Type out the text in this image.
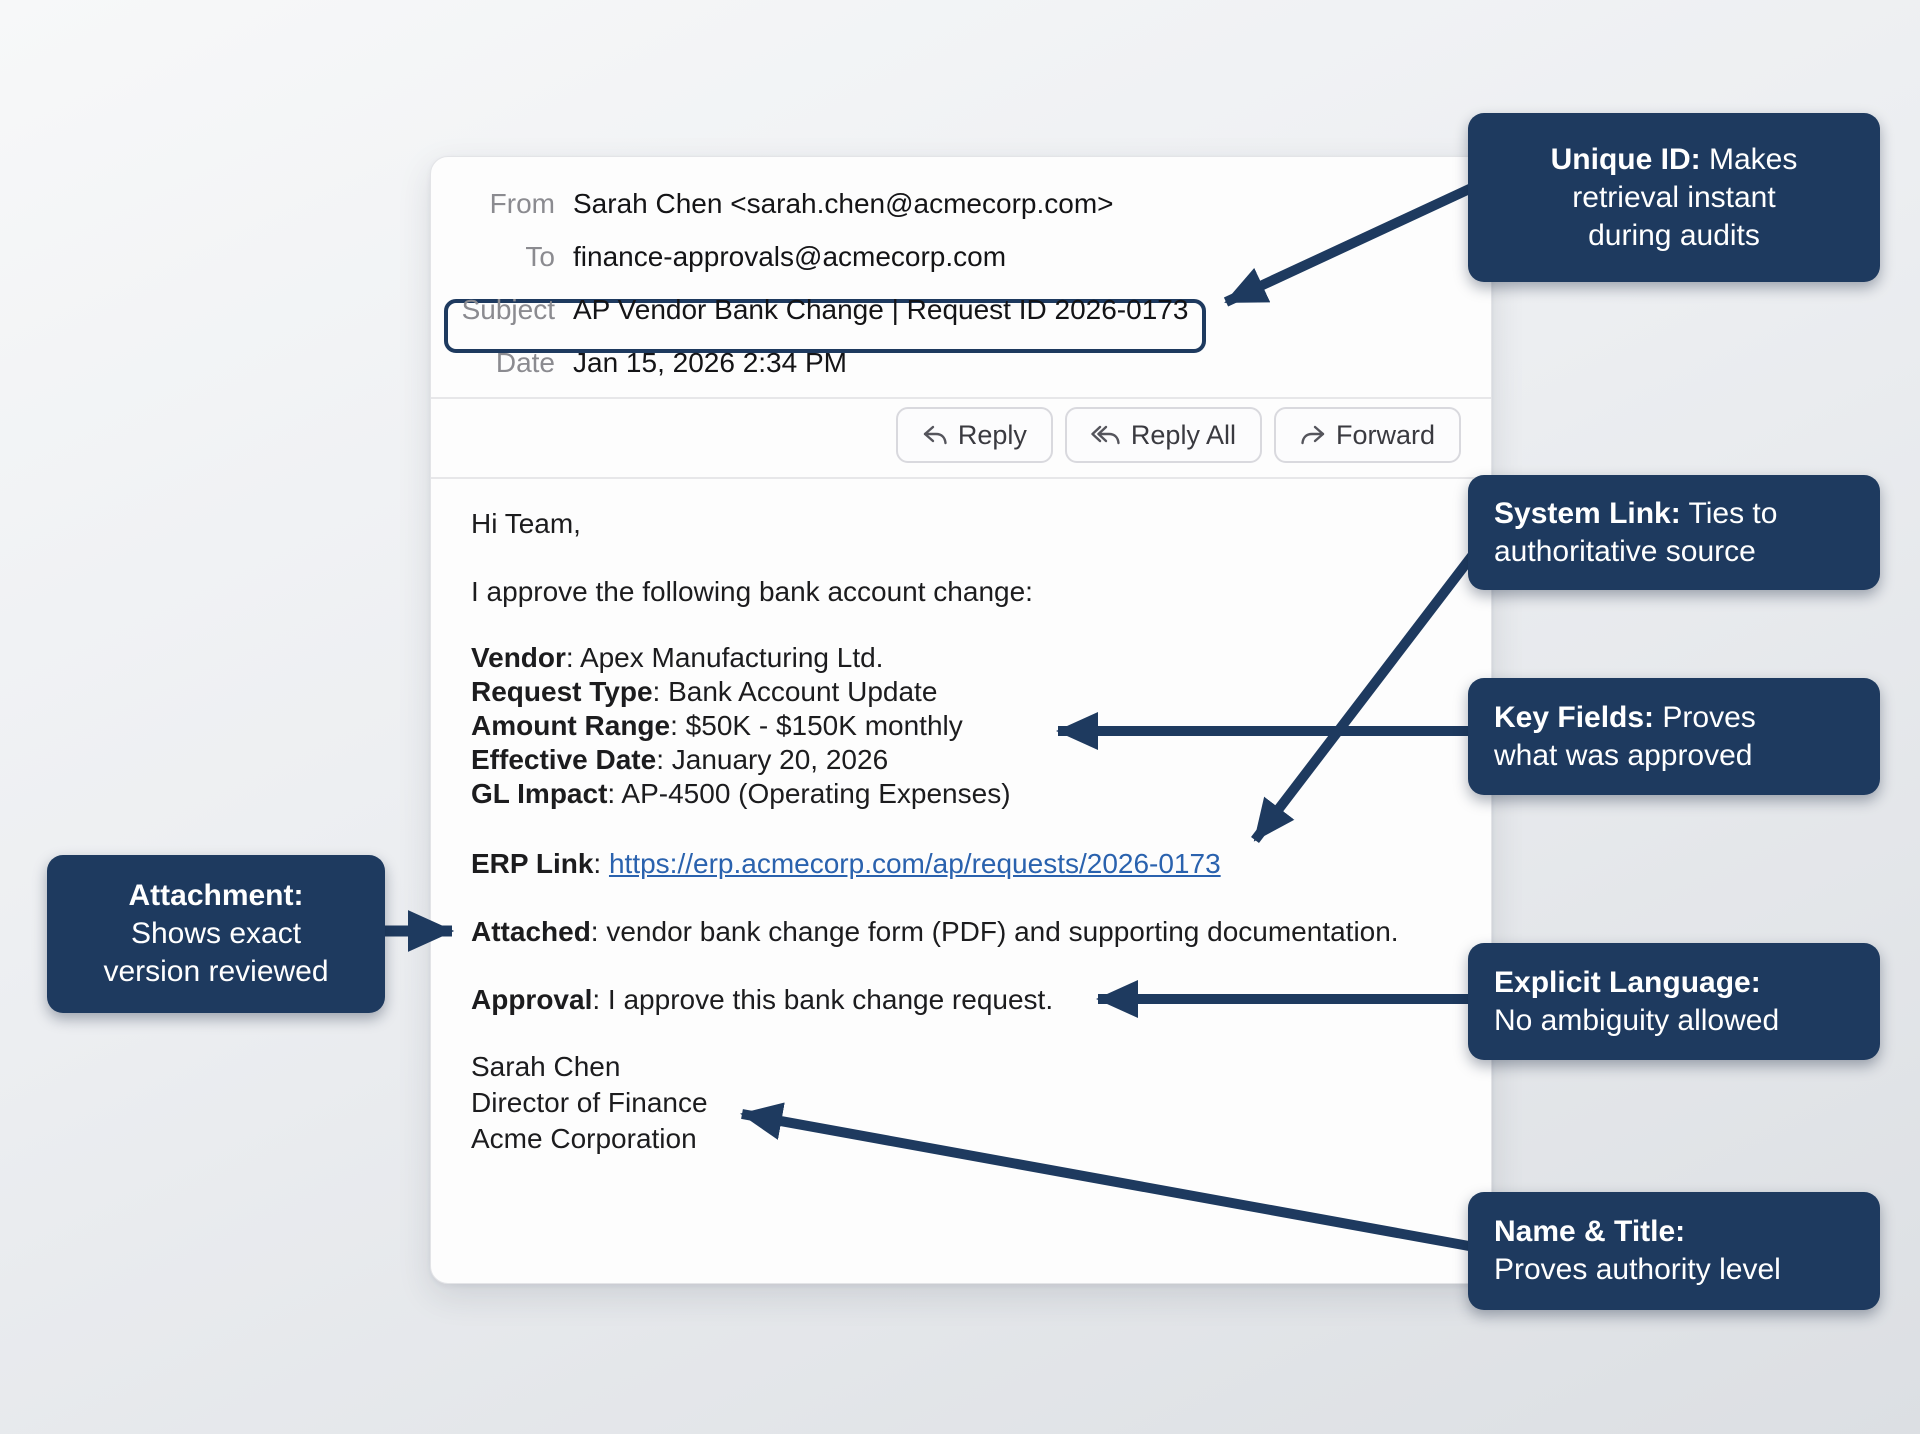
From Sarah Chen <sarah.chen@acmecorp.com>
To finance-approvals@acmecorp.com
Subject AP Vendor Bank Change | Request ID 2026-0173
Date Jan 15, 2026 2:34 PM
Reply	Reply All	Forward
Hi Team,
I approve the following bank account change:
Vendor: Apex Manufacturing Ltd.
Request Type: Bank Account Update
Amount Range: $50K - $150K monthly
Effective Date: January 20, 2026
GL Impact: AP-4500 (Operating Expenses)
ERP Link: https://erp.acmecorp.com/ap/requests/2026-0173
Attached: vendor bank change form (PDF) and supporting documentation.
Approval: I approve this bank change request.
Sarah Chen
Director of Finance
Acme Corporation
Unique ID: Makes
retrieval instant
during audits
System Link: Ties to
authoritative source
Key Fields: Proves
what was approved
Explicit Language:
No ambiguity allowed
Name & Title:
Proves authority level
Attachment:
Shows exact
version reviewed
